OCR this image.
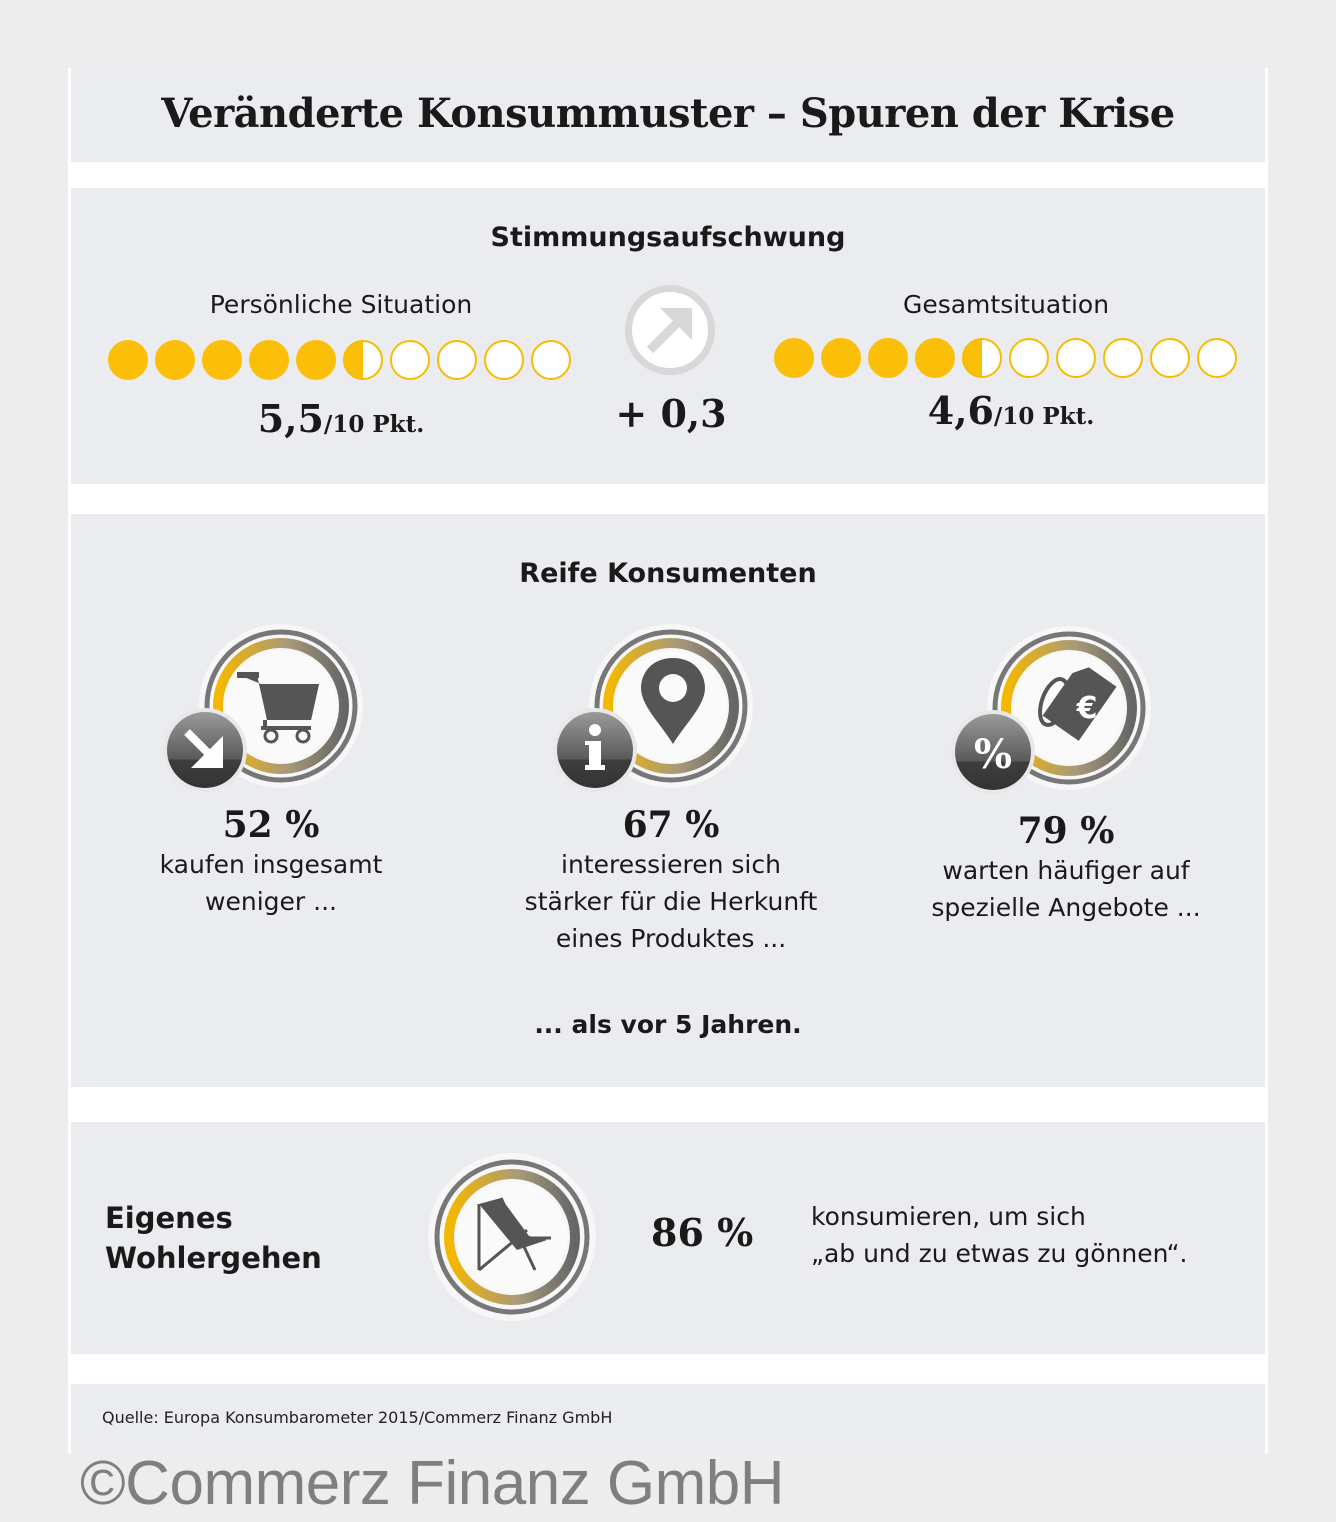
Veränderte Konsummuster – Spuren der Krise
Stimmungsaufschwung
Persönliche Situation
5,5/10 Pkt.	+ 0,3
Gesamtsituation
4,6/10 Pkt.
Reife Konsumenten
52 %
kaufen insgesamt
weniger ...
67 %
interessieren sich
stärker für die Herkunft
eines Produktes ...
€
%
79 %
warten häufiger auf
spezielle Angebote ...
... als vor 5 Jahren.
Eigenes
Wohlergehen
86 % konsumieren, um sich
„ab und zu etwas zu gönnen“.
Quelle: Europa Konsumbarometer 2015/Commerz Finanz GmbH
©Commerz Finanz GmbH
